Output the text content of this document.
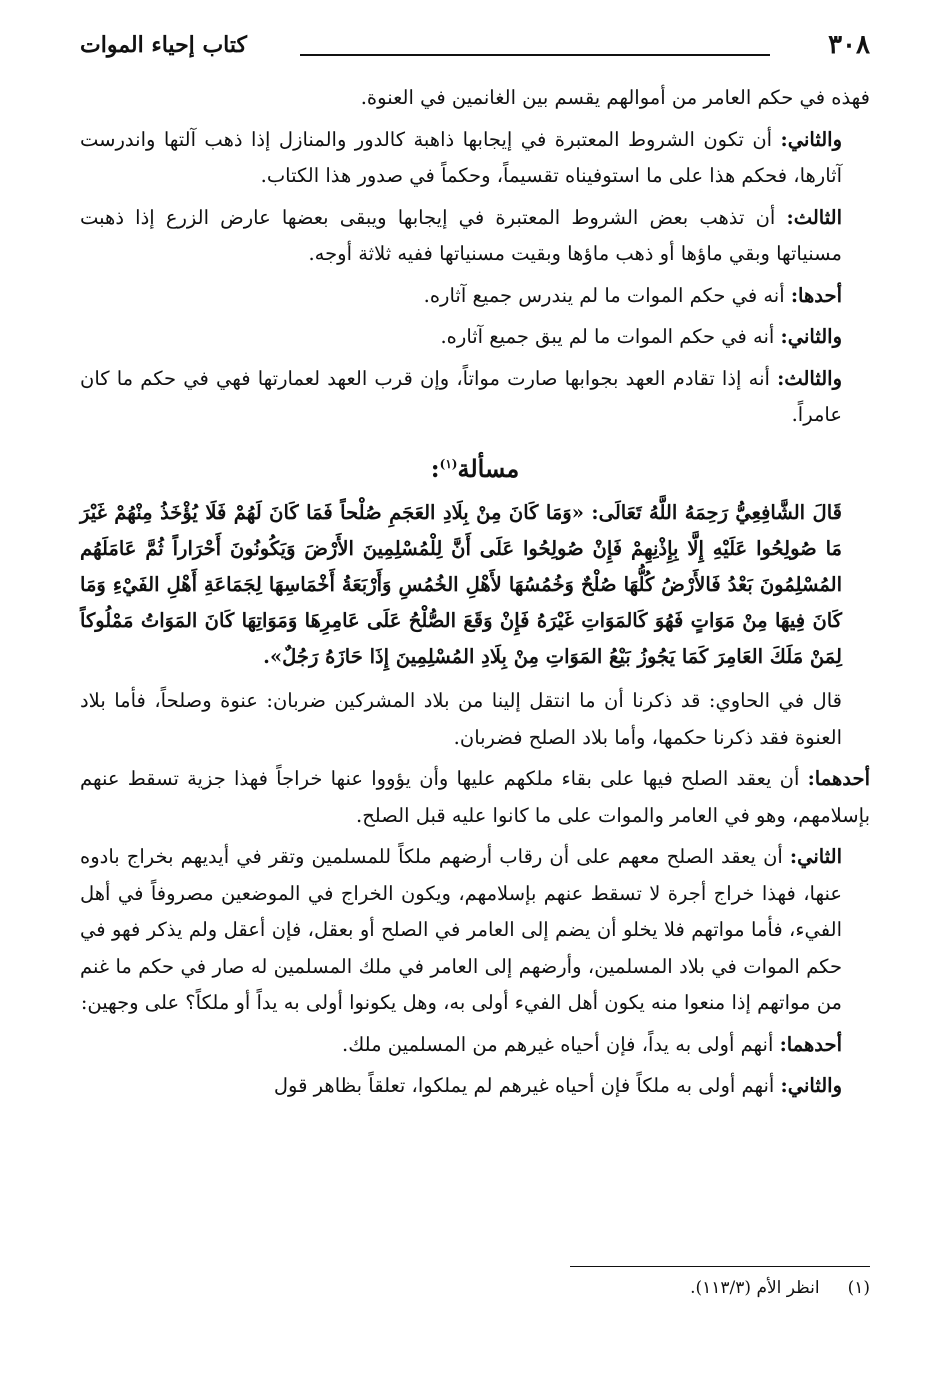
٣٠٨
كتاب إحياء الموات

فهذه في حكم العامر من أموالهم يقسم بين الغانمين في العنوة.

والثاني: أن تكون الشروط المعتبرة في إيجابها ذاهبة كالدور والمنازل إذا ذهب آلتها واندرست آثارها، فحكم هذا على ما استوفيناه تقسيماً، وحكماً في صدور هذا الكتاب.

الثالث: أن تذهب بعض الشروط المعتبرة في إيجابها ويبقى بعضها عارض الزرع إذا ذهبت مسنياتها وبقي ماؤها أو ذهب ماؤها وبقيت مسنياتها ففيه ثلاثة أوجه.

أحدها: أنه في حكم الموات ما لم يندرس جميع آثاره.

والثاني: أنه في حكم الموات ما لم يبق جميع آثاره.

والثالث: أنه إذا تقادم العهد بجوابها صارت مواتاً، وإن قرب العهد لعمارتها فهي في حكم ما كان عامراً.

مسألة$^{(١)}$:

قَالَ الشَّافِعِيُّ رَحِمَهُ اللَّهُ تَعَالَى: «وَمَا كَانَ مِنْ بِلَادِ العَجَمِ صُلْحاً فَمَا كَانَ لَهُمْ فَلَا يُؤْخَذُ مِنْهُمْ غَيْرَ مَا صُولِحُوا عَلَيْهِ إِلَّا بِإِذْنِهِمْ فَإِنْ صُولِحُوا عَلَى أَنَّ لِلْمُسْلِمِينَ الأَرْضَ وَيَكُونُونَ أَحْرَاراً ثُمَّ عَامَلَهُم المُسْلِمُونَ بَعْدُ فَالأَرْضُ كُلُّهَا صُلْحٌ وَخُمُسُهَا لأَهْلِ الخُمُسِ وَأَرْبَعَةُ أَخْمَاسِهَا لِجَمَاعَةِ أَهْلِ الفَيْءِ وَمَا كَانَ فِيهَا مِنْ مَوَاتٍ فَهُوَ كَالمَوَاتِ غَيْرَهُ فَإِنْ وَقَعَ الصُّلْحُ عَلَى عَامِرِهَا وَمَوَاتِهَا كَانَ المَوَاتُ مَمْلُوكاً لِمَنْ مَلَكَ العَامِرَ كَمَا يَجُوزُ بَيْعُ المَوَاتِ مِنْ بِلَادِ المُسْلِمِينَ إِذَا حَازَهُ رَجُلٌ».

قال في الحاوي: قد ذكرنا أن ما انتقل إلينا من بلاد المشركين ضربان: عنوة وصلحاً، فأما بلاد العنوة فقد ذكرنا حكمها، وأما بلاد الصلح فضربان.

أحدهما: أن يعقد الصلح فيها على بقاء ملكهم عليها وأن يؤووا عنها خراجاً فهذا جزية تسقط عنهم بإسلامهم، وهو في العامر والموات على ما كانوا عليه قبل الصلح.

الثاني: أن يعقد الصلح معهم على أن رقاب أرضهم ملكاً للمسلمين وتقر في أيديهم بخراج بادوه عنها، فهذا خراج أجرة لا تسقط عنهم بإسلامهم، ويكون الخراج في الموضعين مصروفاً في أهل الفيء، فأما مواتهم فلا يخلو أن يضم إلى العامر في الصلح أو بعقل، فإن أعقل ولم يذكر فهو في حكم الموات في بلاد المسلمين، وأرضهم إلى العامر في ملك المسلمين له صار في حكم ما غنم من مواتهم إذا منعوا منه يكون أهل الفيء أولى به، وهل يكونوا أولى به يداً أو ملكاً؟ على وجهين:

أحدهما: أنهم أولى به يداً، فإن أحياه غيرهم من المسلمين ملك.

والثاني: أنهم أولى به ملكاً فإن أحياه غيرهم لم يملكوا، تعلقاً بظاهر قول

(١)انظر الأم (١١٣/٣).
